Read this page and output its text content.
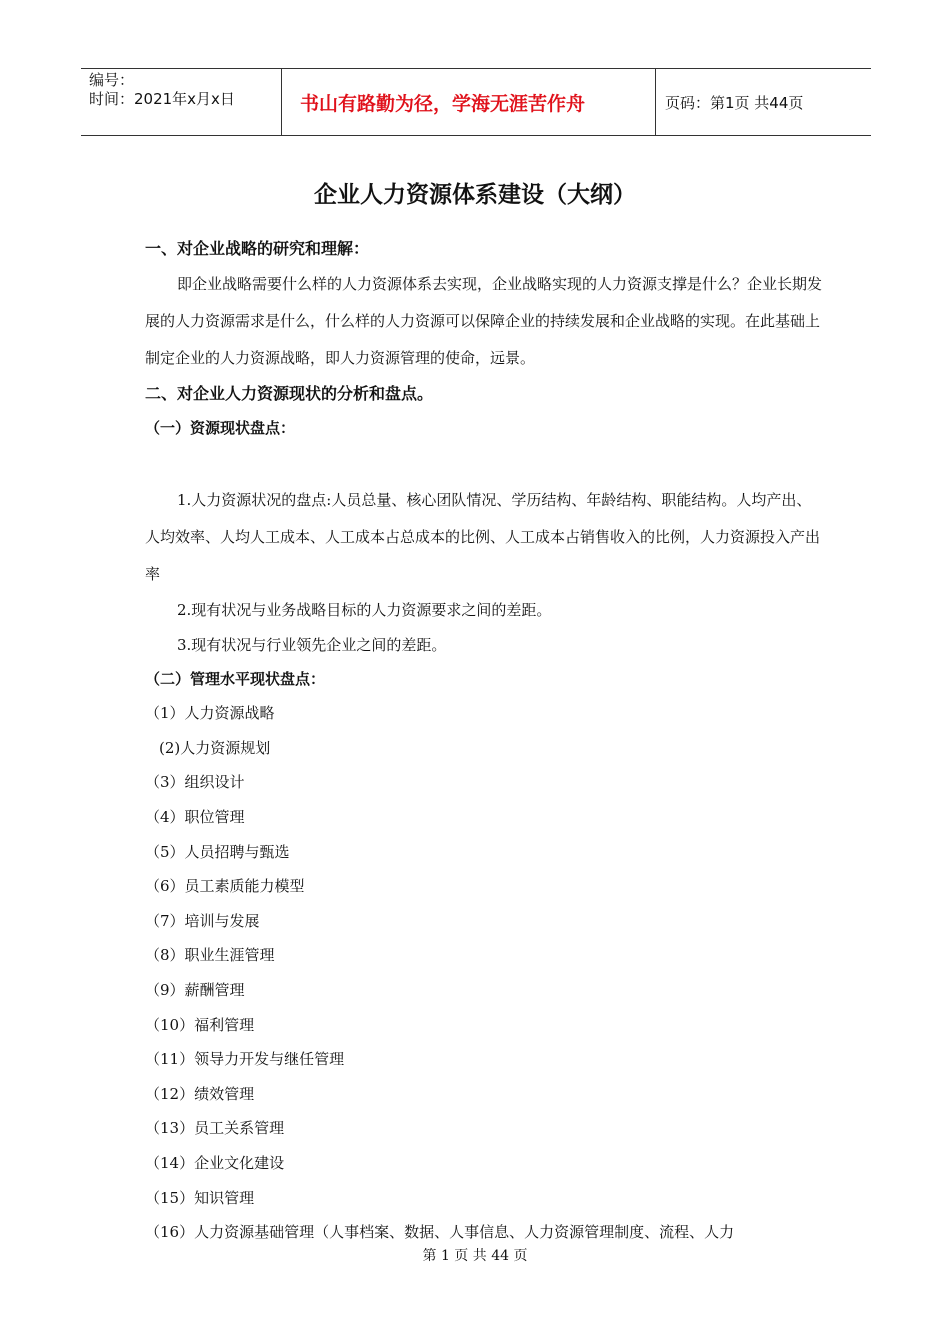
编号：
时间：2021年x月x日	书山有路勤为径，学海无涯苦作舟	页码：第1页 共44页
企业人力资源体系建设（大纲）
一、对企业战略的研究和理解：
即企业战略需要什么样的人力资源体系去实现，企业战略实现的人力资源支撑是什么？企业长期发展的人力资源需求是什么，什么样的人力资源可以保障企业的持续发展和企业战略的实现。在此基础上制定企业的人力资源战略，即人力资源管理的使命，远景。
二、对企业人力资源现状的分析和盘点。
（一）资源现状盘点：
1.人力资源状况的盘点:人员总量、核心团队情况、学历结构、年龄结构、职能结构。人均产出、人均效率、人均人工成本、人工成本占总成本的比例、人工成本占销售收入的比例，人力资源投入产出率
2.现有状况与业务战略目标的人力资源要求之间的差距。
3.现有状况与行业领先企业之间的差距。
（二）管理水平现状盘点：
（1）人力资源战略
(2)人力资源规划
（3）组织设计
（4）职位管理
（5）人员招聘与甄选
（6）员工素质能力模型
（7）培训与发展
（8）职业生涯管理
（9）薪酬管理
（10）福利管理
（11）领导力开发与继任管理
（12）绩效管理
（13）员工关系管理
（14）企业文化建设
（15）知识管理
（16）人力资源基础管理（人事档案、数据、人事信息、人力资源管理制度、流程、人力
第 1 页 共 44 页
